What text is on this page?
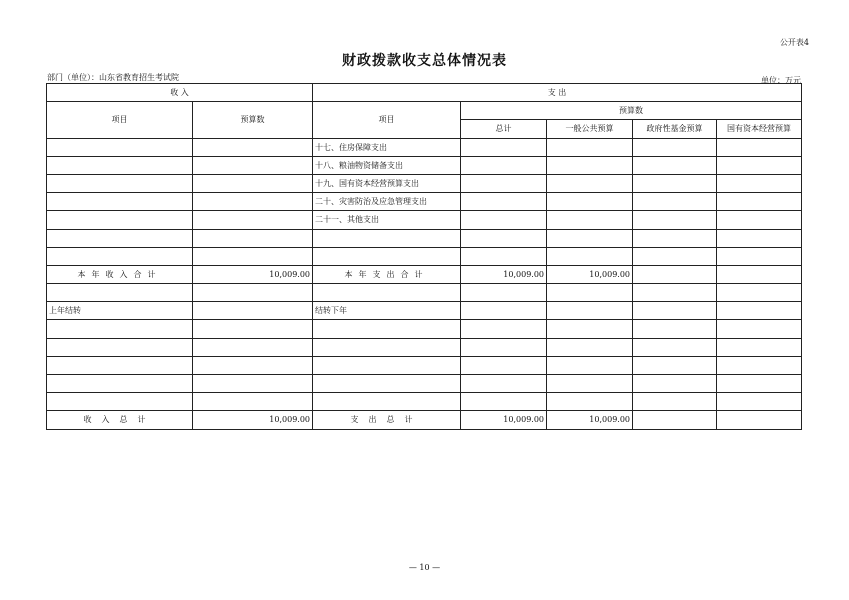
公开表4
财政拨款收支总体情况表
部门（单位）：山东省教育招生考试院	单位：万元
收 入		支 出				
项目	预算数	项目	预算数			
			总计	一般公共预算	政府性基金预算	国有资本经营预算
		十七、住房保障支出				
		十八、粮油物资储备支出				
		十九、国有资本经营预算支出				
		二十、灾害防治及应急管理支出				
		二十一、其他支出				

本年收入合计	10,009.00	本年支出合计	10,009.00	10,009.00		

上年结转		结转下年				

收入总计	10,009.00	支出总计	10,009.00	10,009.00		
— 10 —
